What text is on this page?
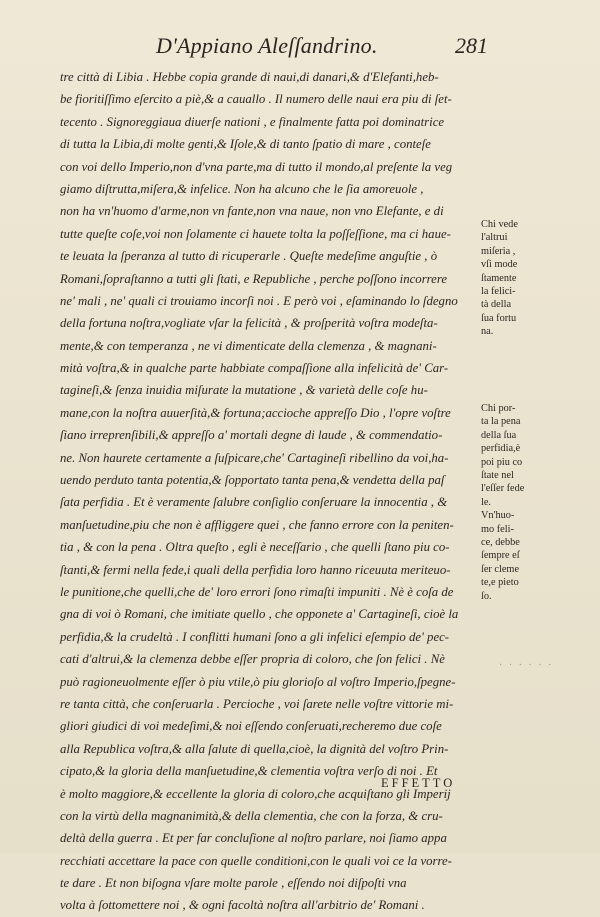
D'Appiano Aleſſandrino.	281
tre città di Libia . Hebbe copia grande di naui,di danari,& d'Elefanti,heb-
be fioritiſſimo eſercito a piè,& a cauallo . Il numero delle naui era piu di ſet-
tecento . Signoreggiaua diuerſe nationi , e finalmente fatta poi dominatrice
di tutta la Libia,di molte genti,& Iſole,& di tanto ſpatio di mare , conteſe
con voi dello Imperio,non d'vna parte,ma di tutto il mondo,al preſente la veg
giamo diſtrutta,miſera,& infelice. Non ha alcuno che le ſia amoreuole ,
non ha vn'huomo d'arme,non vn fante,non vna naue, non vno Elefante, e di
tutte queſte coſe,voi non ſolamente ci hauete tolta la poſſeſſione, ma ci haue-
te leuata la ſperanza al tutto di ricuperarle . Queſte medeſime anguſtie , ò
Romani,ſopraſtanno a tutti gli ſtati, e Republiche , perche poſſono incorrere
ne' mali , ne' quali ci trouiamo incorſi noi . E però voi , eſaminando lo ſdegno
della fortuna noſtra,vogliate vſar la felicità , & proſperità voſtra modeſta-
mente,& con temperanza , ne vi dimenticate della clemenza , & magnani-
mità voſtra,& in qualche parte habbiate compaſſione alla infelicità de' Car-
tagineſi,& ſenza inuidia miſurate la mutatione , & varietà delle coſe hu-
mane,con la noſtra auuerſità,& fortuna;accioche appreſſo Dio , l'opre voſtre
ſiano irreprenſibili,& appreſſo a' mortali degne di laude , & commendatio-
ne. Non haurete certamente a ſuſpicare,che' Cartagineſi ribellino da voi,ha-
uendo perduto tanta potentia,& ſopportato tanta pena,& vendetta della paſ
ſata perfidia . Et è veramente ſalubre conſiglio conſeruare la innocentia , &
manſuetudine,piu che non è affliggere quei , che fanno errore con la peniten-
tia , & con la pena . Oltra queſto , egli è neceſſario , che quelli ſtano piu co-
ſtanti,& fermi nella fede,i quali della perfidia loro hanno riceuuta meriteuo-
le punitione,che quelli,che de' loro errori ſono rimaſti impuniti . Nè è coſa de
gna di voi ò Romani, che imitiate quello , che opponete a' Cartagineſi, cioè la
perfidia,& la crudeltà . I conflitti humani ſono a gli infelici eſempio de' pec-
cati d'altrui,& la clemenza debbe eſſer propria di coloro, che ſon felici . Nè
può ragioneuolmente eſſer ò piu vtile,ò piu glorioſo al voſtro Imperio,ſpegne-
re tanta città, che conſeruarla . Percioche , voi ſarete nelle voſtre vittorie mi-
gliori giudici di voi medeſimi,& noi eſſendo conſeruati,recheremo due coſe
alla Republica voſtra,& alla ſalute di quella,cioè, la dignità del voſtro Prin-
cipato,& la gloria della manſuetudine,& clementia voſtra verſo di noi . Et
è molto maggiore,& eccellente la gloria di coloro,che acquiſtano gli Imperij
con la virtù della magnanimità,& della clementia, che con la forza, & cru-
deltà della guerra . Et per far concluſione al noſtro parlare, noi ſiamo appa
recchiati accettare la pace con quelle conditioni,con le quali voi ce la vorre-
te dare . Et non biſogna vſare molte parole , eſſendo noi diſpoſti vna
volta à ſottomettere noi , & ogni facoltà noſtra all'arbitrio de' Romani .
Chi vede
l'altrui
miſeria ,
vſi mode
ſtamente
la felici-
tà della
ſua fortu
na.
Chi por-
ta la pena
della ſua
perfidia,è
poi piu co
ſtate nel
l'eſſer fede
le.
Vn'huo-
mo feli-
ce, debbe
ſempre eſ
ſer cleme
te,e pieto
ſo.
· · · · · ·
EFFETTO
